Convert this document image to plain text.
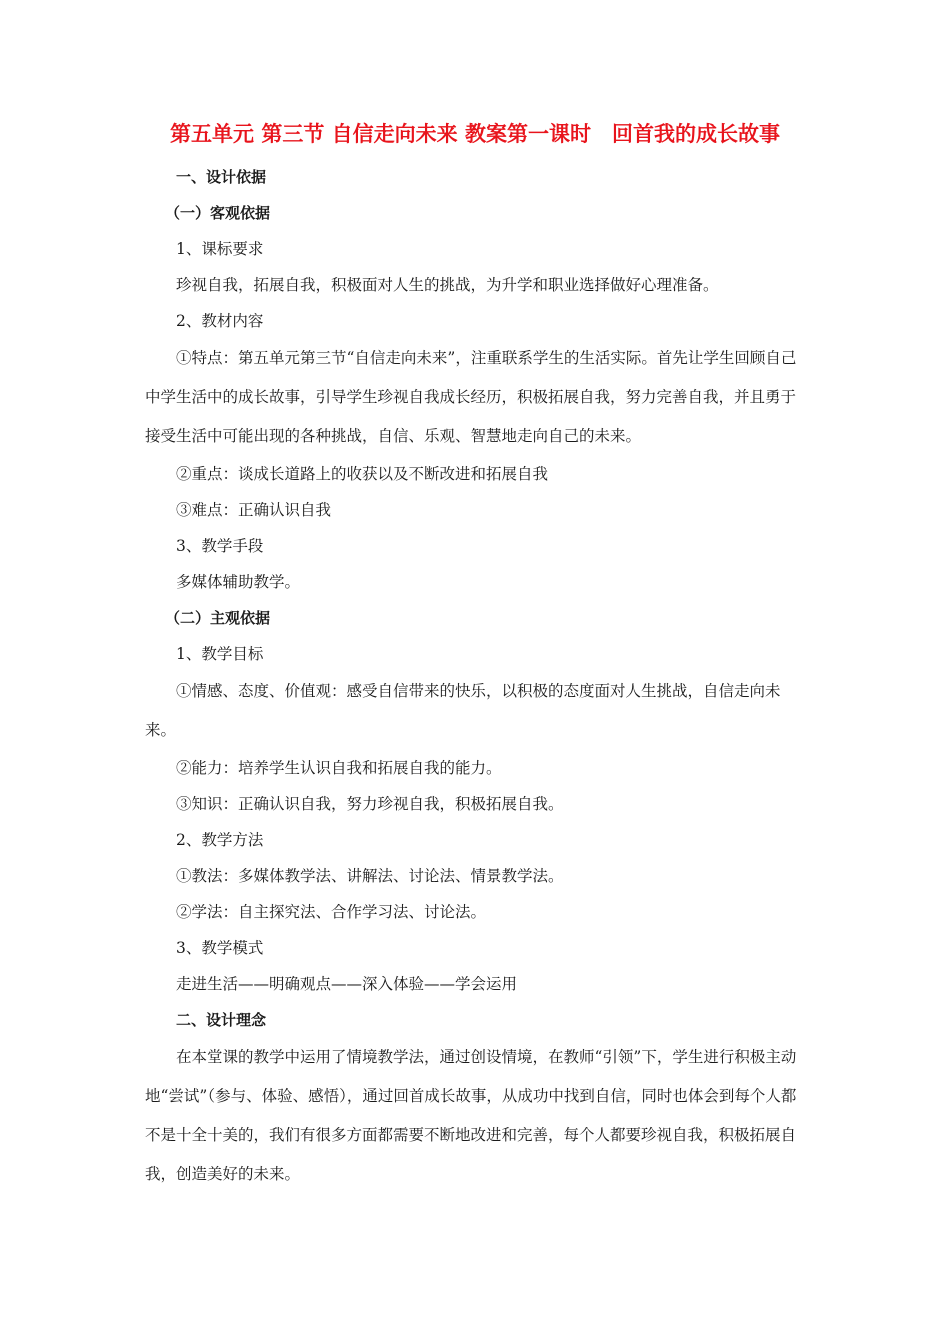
第五单元 第三节 自信走向未来 教案第一课时　回首我的成长故事

一、设计依据

（一）客观依据

1、课标要求

珍视自我，拓展自我，积极面对人生的挑战，为升学和职业选择做好心理准备。

2、教材内容

①特点：第五单元第三节“自信走向未来”，注重联系学生的生活实际。首先让学生回顾自己中学生活中的成长故事，引导学生珍视自我成长经历，积极拓展自我，努力完善自我，并且勇于接受生活中可能出现的各种挑战，自信、乐观、智慧地走向自己的未来。

②重点：谈成长道路上的收获以及不断改进和拓展自我

③难点：正确认识自我

3、教学手段

多媒体辅助教学。

（二）主观依据

1、教学目标

①情感、态度、价值观：感受自信带来的快乐，以积极的态度面对人生挑战，自信走向未来。

②能力：培养学生认识自我和拓展自我的能力。

③知识：正确认识自我，努力珍视自我，积极拓展自我。

2、教学方法

①教法：多媒体教学法、讲解法、讨论法、情景教学法。

②学法：自主探究法、合作学习法、讨论法。

3、教学模式

走进生活——明确观点——深入体验——学会运用

二、设计理念

在本堂课的教学中运用了情境教学法，通过创设情境，在教师“引领”下，学生进行积极主动地“尝试”（参与、体验、感悟），通过回首成长故事，从成功中找到自信，同时也体会到每个人都不是十全十美的，我们有很多方面都需要不断地改进和完善，每个人都要珍视自我，积极拓展自我，创造美好的未来。
